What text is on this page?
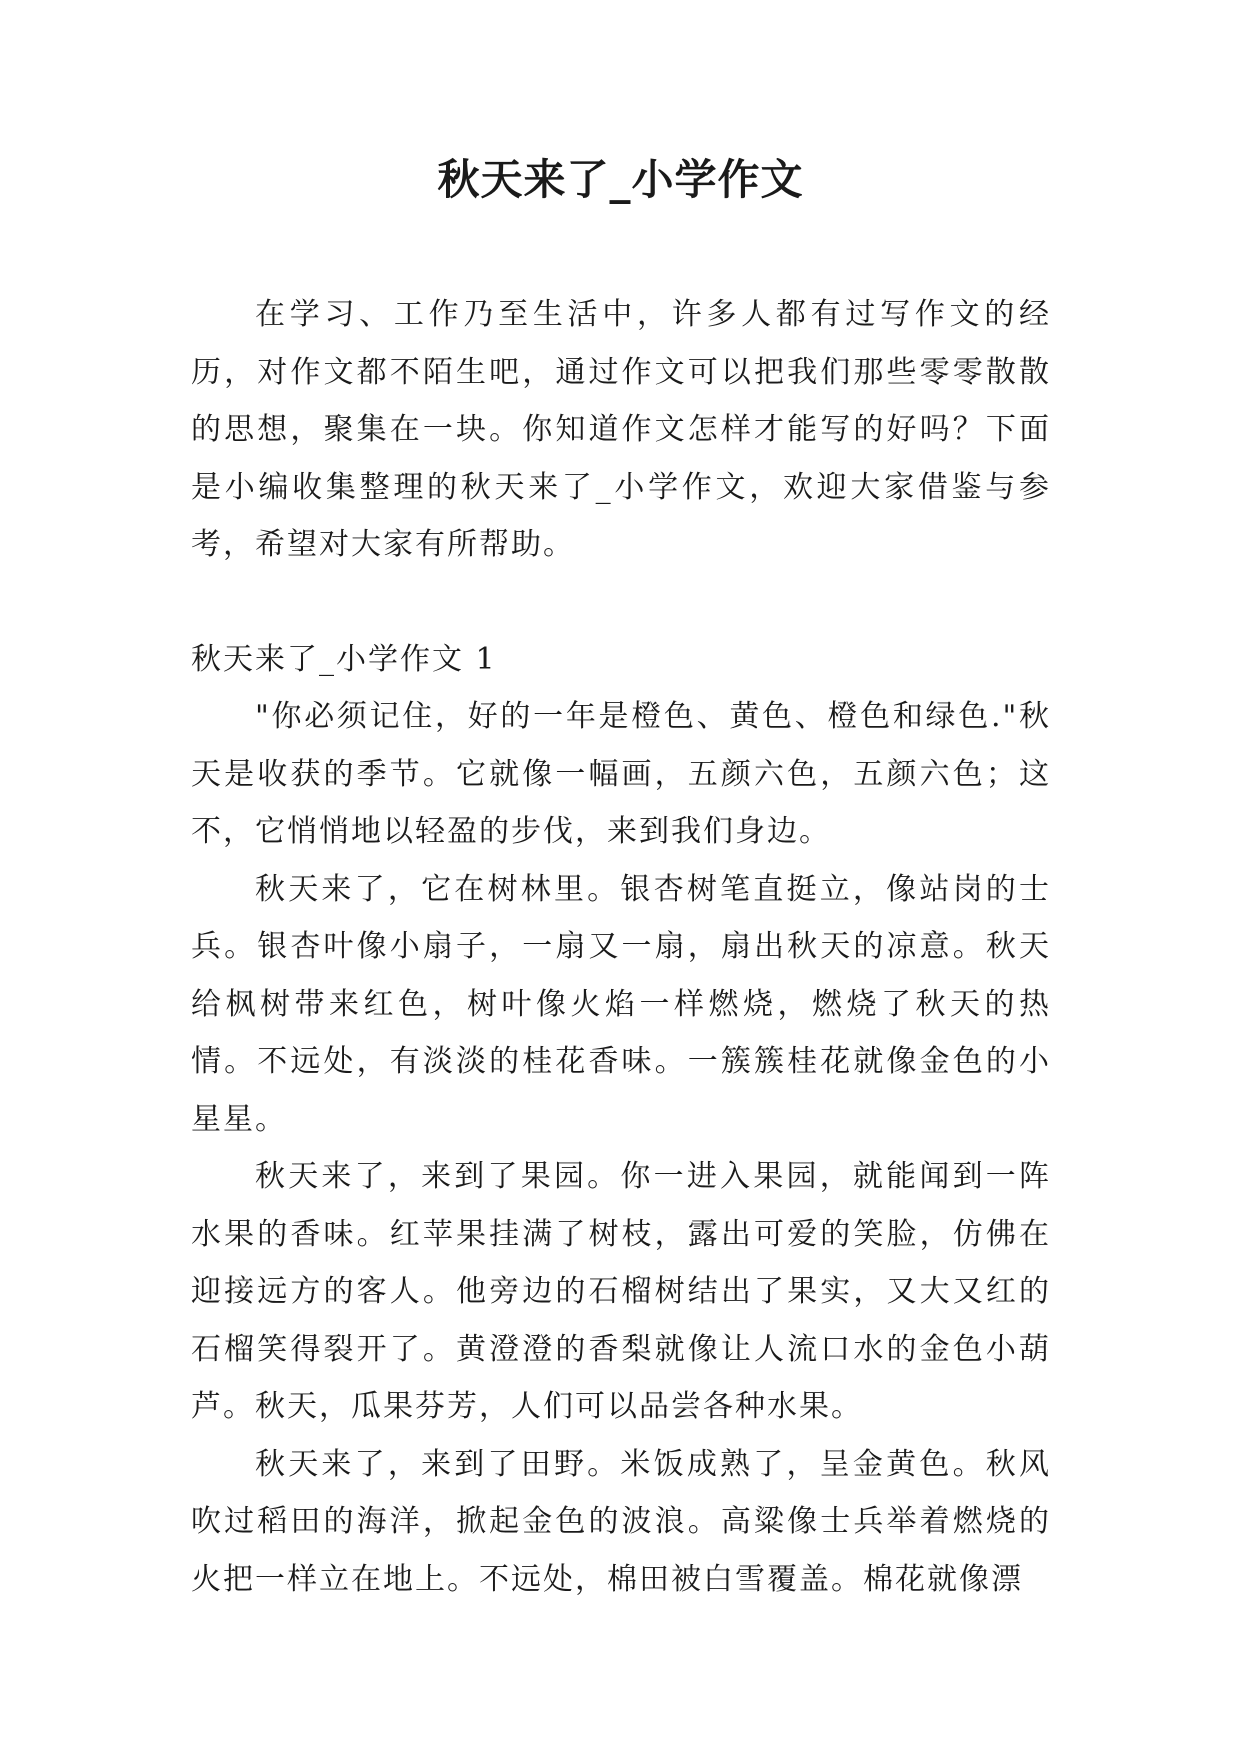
秋天来了_小学作文

在学习、工作乃至生活中，许多人都有过写作文的经历，对作文都不陌生吧，通过作文可以把我们那些零零散散的思想，聚集在一块。你知道作文怎样才能写的好吗？下面是小编收集整理的秋天来了_小学作文，欢迎大家借鉴与参考，希望对大家有所帮助。

秋天来了_小学作文 1

"你必须记住，好的一年是橙色、黄色、橙色和绿色."秋天是收获的季节。它就像一幅画，五颜六色，五颜六色；这不，它悄悄地以轻盈的步伐，来到我们身边。

秋天来了，它在树林里。银杏树笔直挺立，像站岗的士兵。银杏叶像小扇子，一扇又一扇，扇出秋天的凉意。秋天给枫树带来红色，树叶像火焰一样燃烧，燃烧了秋天的热情。不远处，有淡淡的桂花香味。一簇簇桂花就像金色的小星星。

秋天来了，来到了果园。你一进入果园，就能闻到一阵水果的香味。红苹果挂满了树枝，露出可爱的笑脸，仿佛在迎接远方的客人。他旁边的石榴树结出了果实，又大又红的石榴笑得裂开了。黄澄澄的香梨就像让人流口水的金色小葫芦。秋天，瓜果芬芳，人们可以品尝各种水果。

秋天来了，来到了田野。米饭成熟了，呈金黄色。秋风吹过稻田的海洋，掀起金色的波浪。高粱像士兵举着燃烧的火把一样立在地上。不远处，棉田被白雪覆盖。棉花就像漂
